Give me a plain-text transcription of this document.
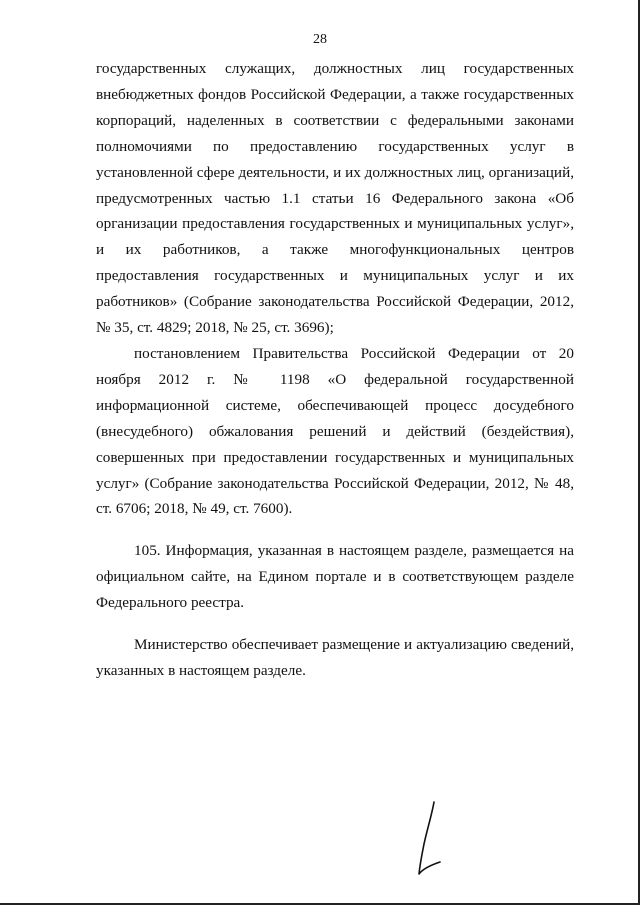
28

государственных служащих, должностных лиц государственных внебюджетных фондов Российской Федерации, а также государственных корпораций, наделенных в соответствии с федеральными законами полномочиями по предоставлению государственных услуг в установленной сфере деятельности, и их должностных лиц, организаций, предусмотренных частью 1.1 статьи 16 Федерального закона «Об организации предоставления государственных и муниципальных услуг», и их работников, а также многофункциональных центров предоставления государственных и муниципальных услуг и их работников» (Собрание законодательства Российской Федерации, 2012, № 35, ст. 4829; 2018, № 25, ст. 3696);

постановлением Правительства Российской Федерации от 20 ноября 2012 г. № 1198 «О федеральной государственной информационной системе, обеспечивающей процесс досудебного (внесудебного) обжалования решений и действий (бездействия), совершенных при предоставлении государственных и муниципальных услуг» (Собрание законодательства Российской Федерации, 2012, № 48, ст. 6706; 2018, № 49, ст. 7600).

105. Информация, указанная в настоящем разделе, размещается на официальном сайте, на Едином портале и в соответствующем разделе Федерального реестра.

Министерство обеспечивает размещение и актуализацию сведений, указанных в настоящем разделе.
